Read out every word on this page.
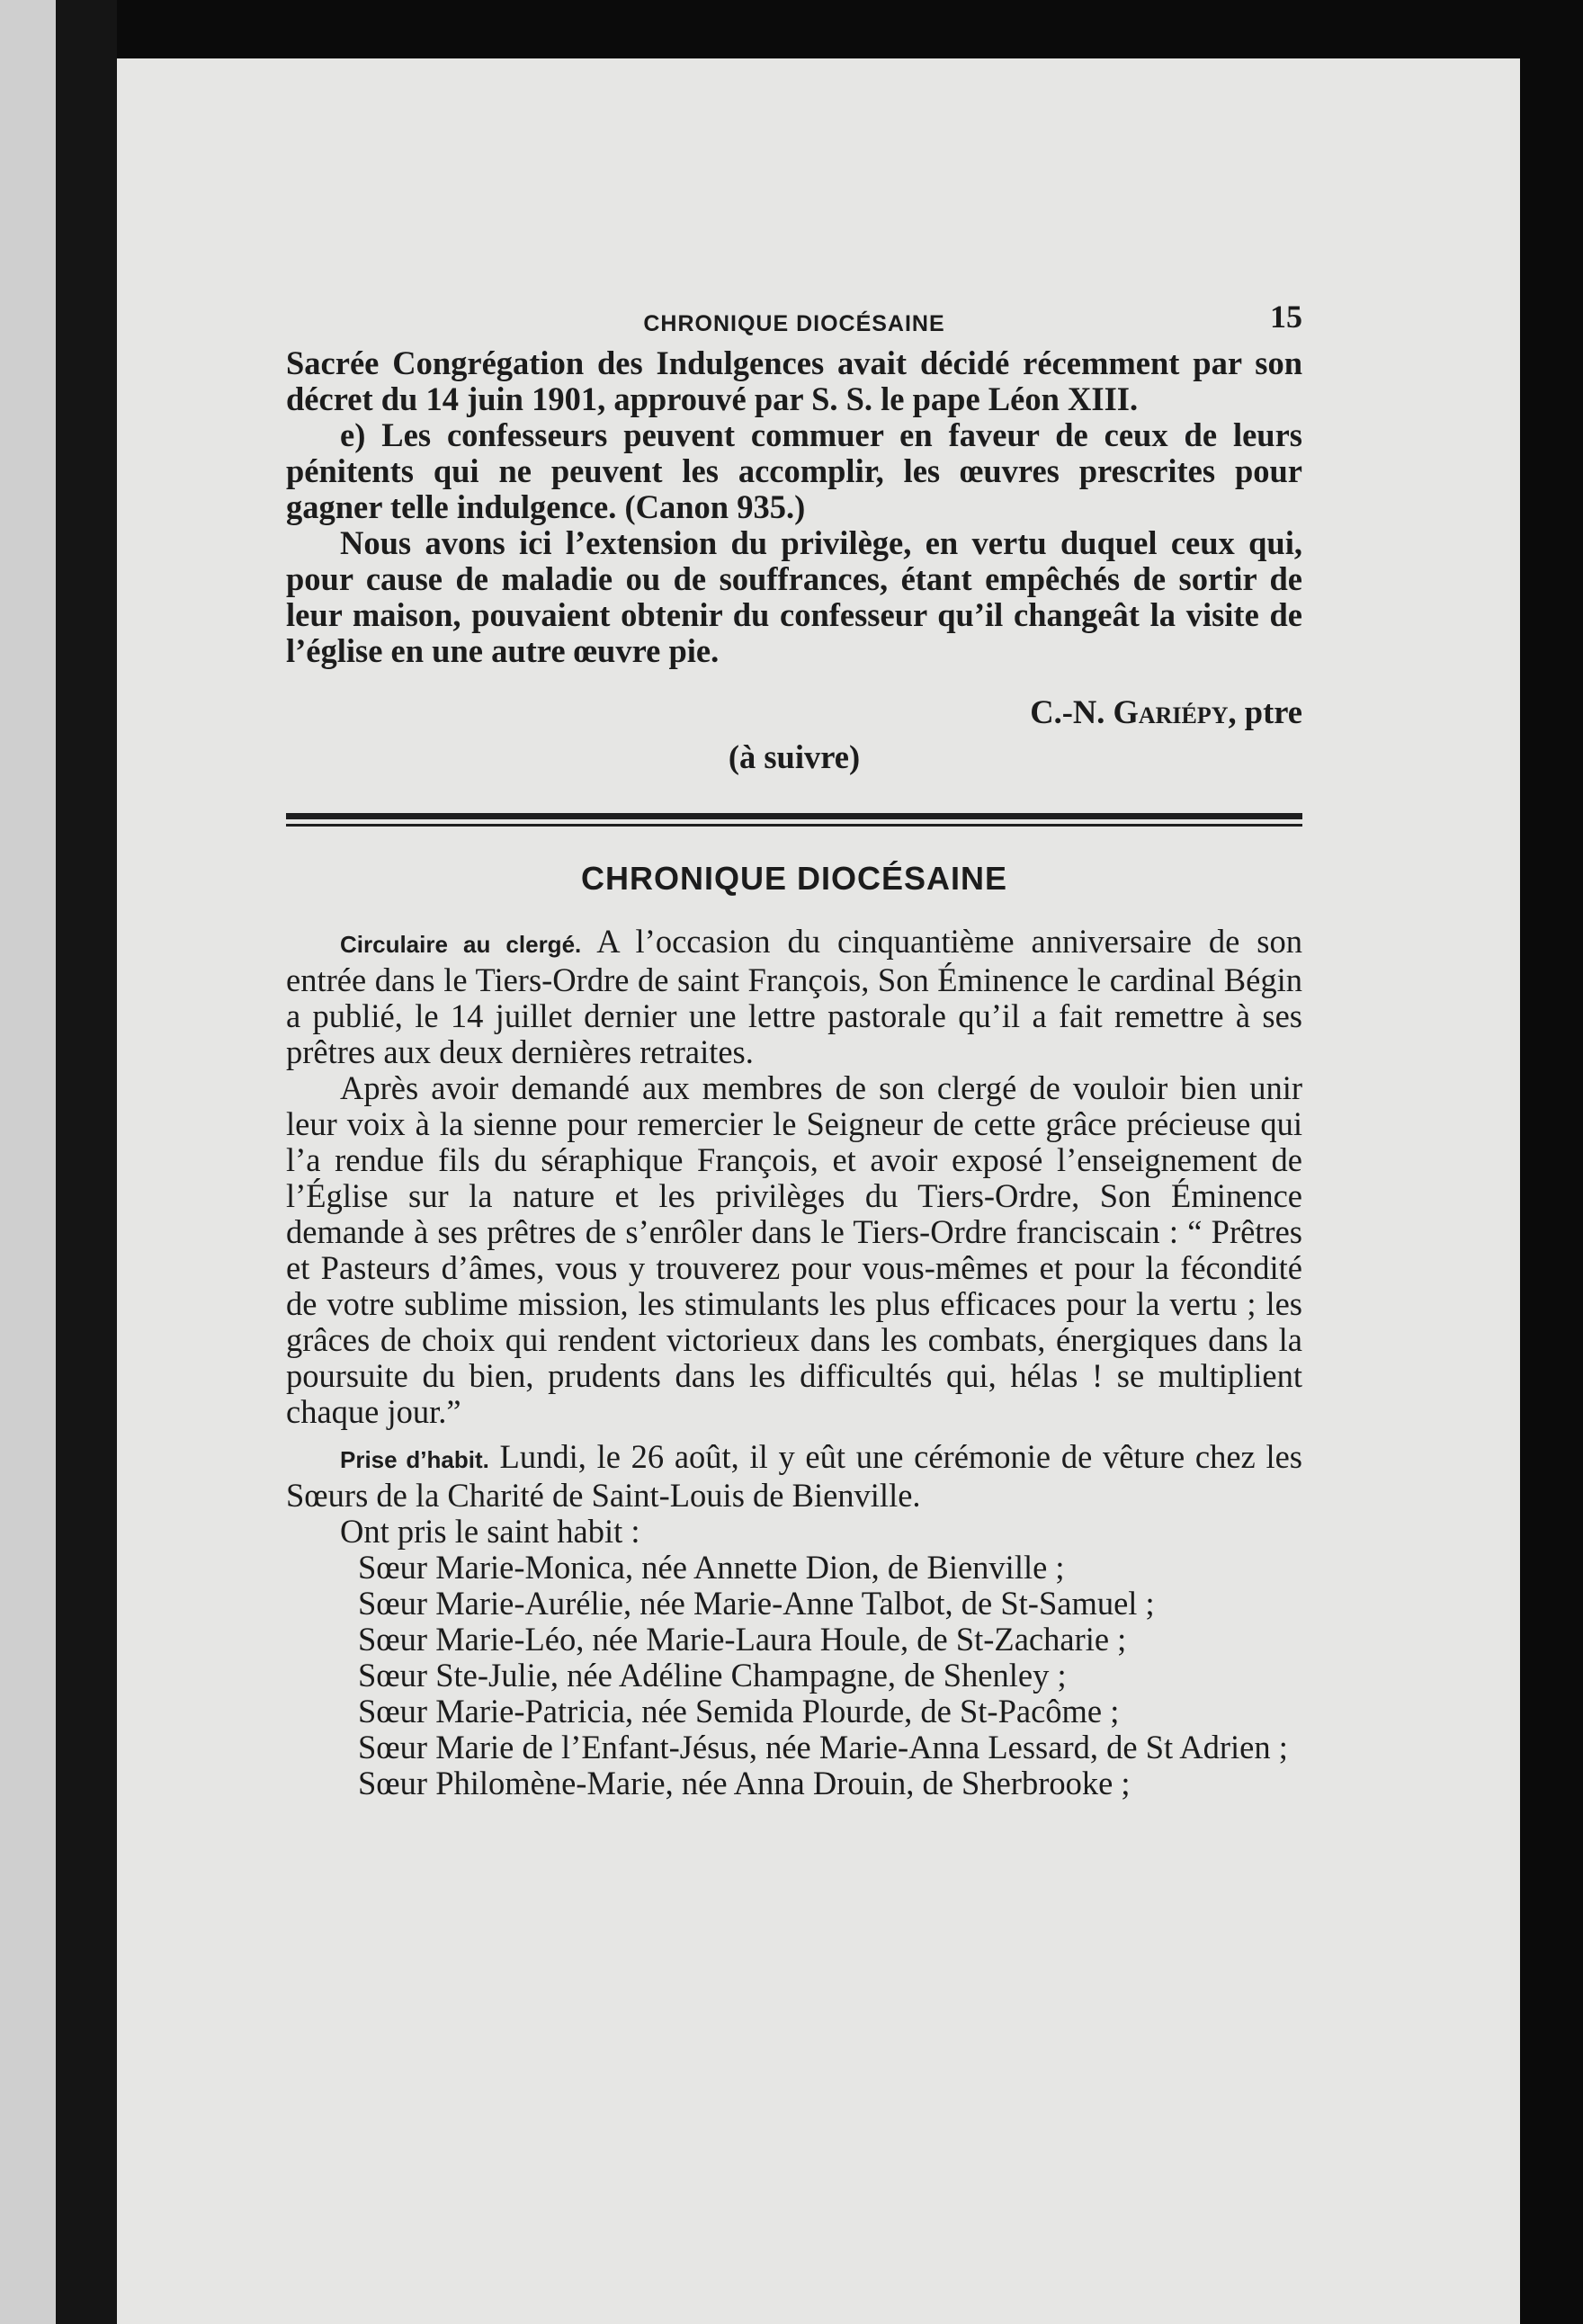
CHRONIQUE DIOCÉSAINE	15

Sacrée Congrégation des Indulgences avait décidé récemment par son décret du 14 juin 1901, approuvé par S. S. le pape Léon XIII.

e) Les confesseurs peuvent commuer en faveur de ceux de leurs pénitents qui ne peuvent les accomplir, les œuvres prescrites pour gagner telle indulgence. (Canon 935.)

Nous avons ici l’extension du privilège, en vertu duquel ceux qui, pour cause de maladie ou de souffrances, étant empêchés de sortir de leur maison, pouvaient obtenir du confesseur qu’il changeât la visite de l’église en une autre œuvre pie.

C.-N. Gariépy, ptre

(à suivre)

CHRONIQUE DIOCÉSAINE

Circulaire au clergé. A l’occasion du cinquantième anniversaire de son entrée dans le Tiers-Ordre de saint François, Son Éminence le cardinal Bégin a publié, le 14 juillet dernier une lettre pastorale qu’il a fait remettre à ses prêtres aux deux dernières retraites.

Après avoir demandé aux membres de son clergé de vouloir bien unir leur voix à la sienne pour remercier le Seigneur de cette grâce précieuse qui l’a rendue fils du séraphique François, et avoir exposé l’enseignement de l’Église sur la nature et les privilèges du Tiers-Ordre, Son Éminence demande à ses prêtres de s’enrôler dans le Tiers-Ordre franciscain : “ Prêtres et Pasteurs d’âmes, vous y trouverez pour vous-mêmes et pour la fécondité de votre sublime mission, les stimulants les plus efficaces pour la vertu ; les grâces de choix qui rendent victorieux dans les combats, énergiques dans la poursuite du bien, prudents dans les difficultés qui, hélas ! se multiplient chaque jour.”

Prise d’habit. Lundi, le 26 août, il y eût une cérémonie de vêture chez les Sœurs de la Charité de Saint-Louis de Bienville.

Ont pris le saint habit :

Sœur Marie-Monica, née Annette Dion, de Bienville ;

Sœur Marie-Aurélie, née Marie-Anne Talbot, de St-Samuel ;

Sœur Marie-Léo, née Marie-Laura Houle, de St-Zacharie ;

Sœur Ste-Julie, née Adéline Champagne, de Shenley ;

Sœur Marie-Patricia, née Semida Plourde, de St-Pacôme ;

Sœur Marie de l’Enfant-Jésus, née Marie-Anna Lessard, de St Adrien ;

Sœur Philomène-Marie, née Anna Drouin, de Sherbrooke ;
